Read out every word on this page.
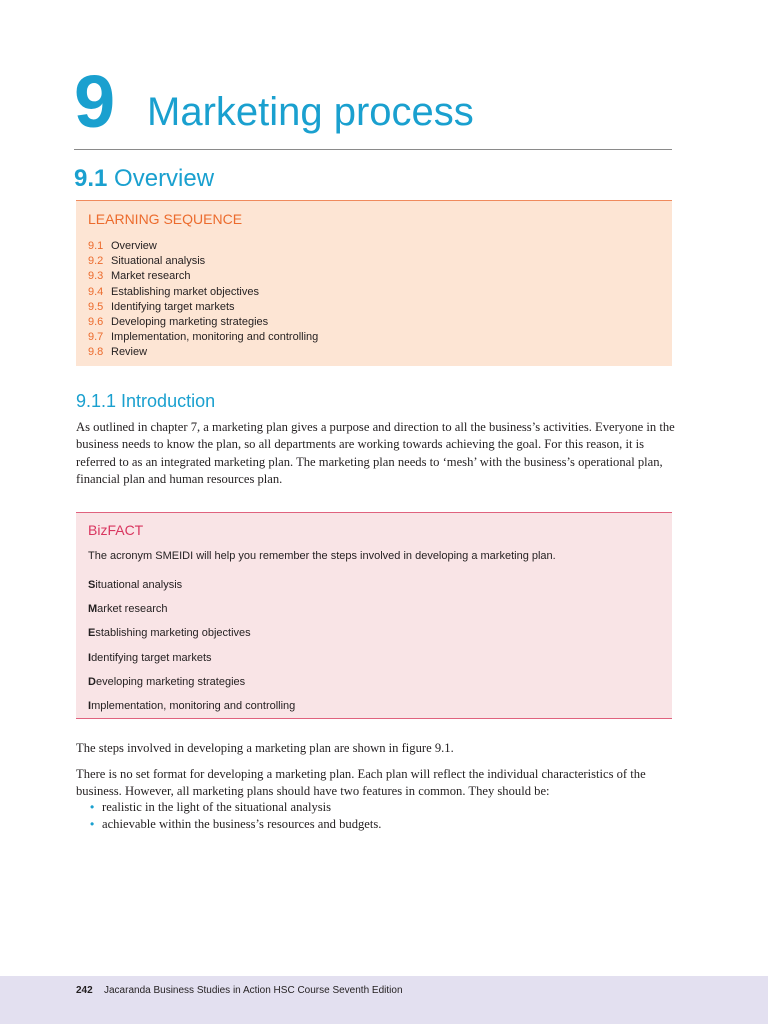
9 Marketing process
9.1 Overview
LEARNING SEQUENCE
9.1 Overview
9.2 Situational analysis
9.3 Market research
9.4 Establishing market objectives
9.5 Identifying target markets
9.6 Developing marketing strategies
9.7 Implementation, monitoring and controlling
9.8 Review
9.1.1 Introduction

As outlined in chapter 7, a marketing plan gives a purpose and direction to all the business’s activities. Everyone in the business needs to know the plan, so all departments are working towards achieving the goal. For this reason, it is referred to as an integrated marketing plan. The marketing plan needs to ‘mesh’ with the business’s operational plan, financial plan and human resources plan.

BizFACT
The acronym SMEIDI will help you remember the steps involved in developing a marketing plan.
Situational analysis
Market research
Establishing marketing objectives
Identifying target markets
Developing marketing strategies
Implementation, monitoring and controlling

The steps involved in developing a marketing plan are shown in figure 9.1.

There is no set format for developing a marketing plan. Each plan will reflect the individual characteristics of the business. However, all marketing plans should have two features in common. They should be:

• realistic in the light of the situational analysis
• achievable within the business’s resources and budgets.
242 Jacaranda Business Studies in Action HSC Course Seventh Edition
